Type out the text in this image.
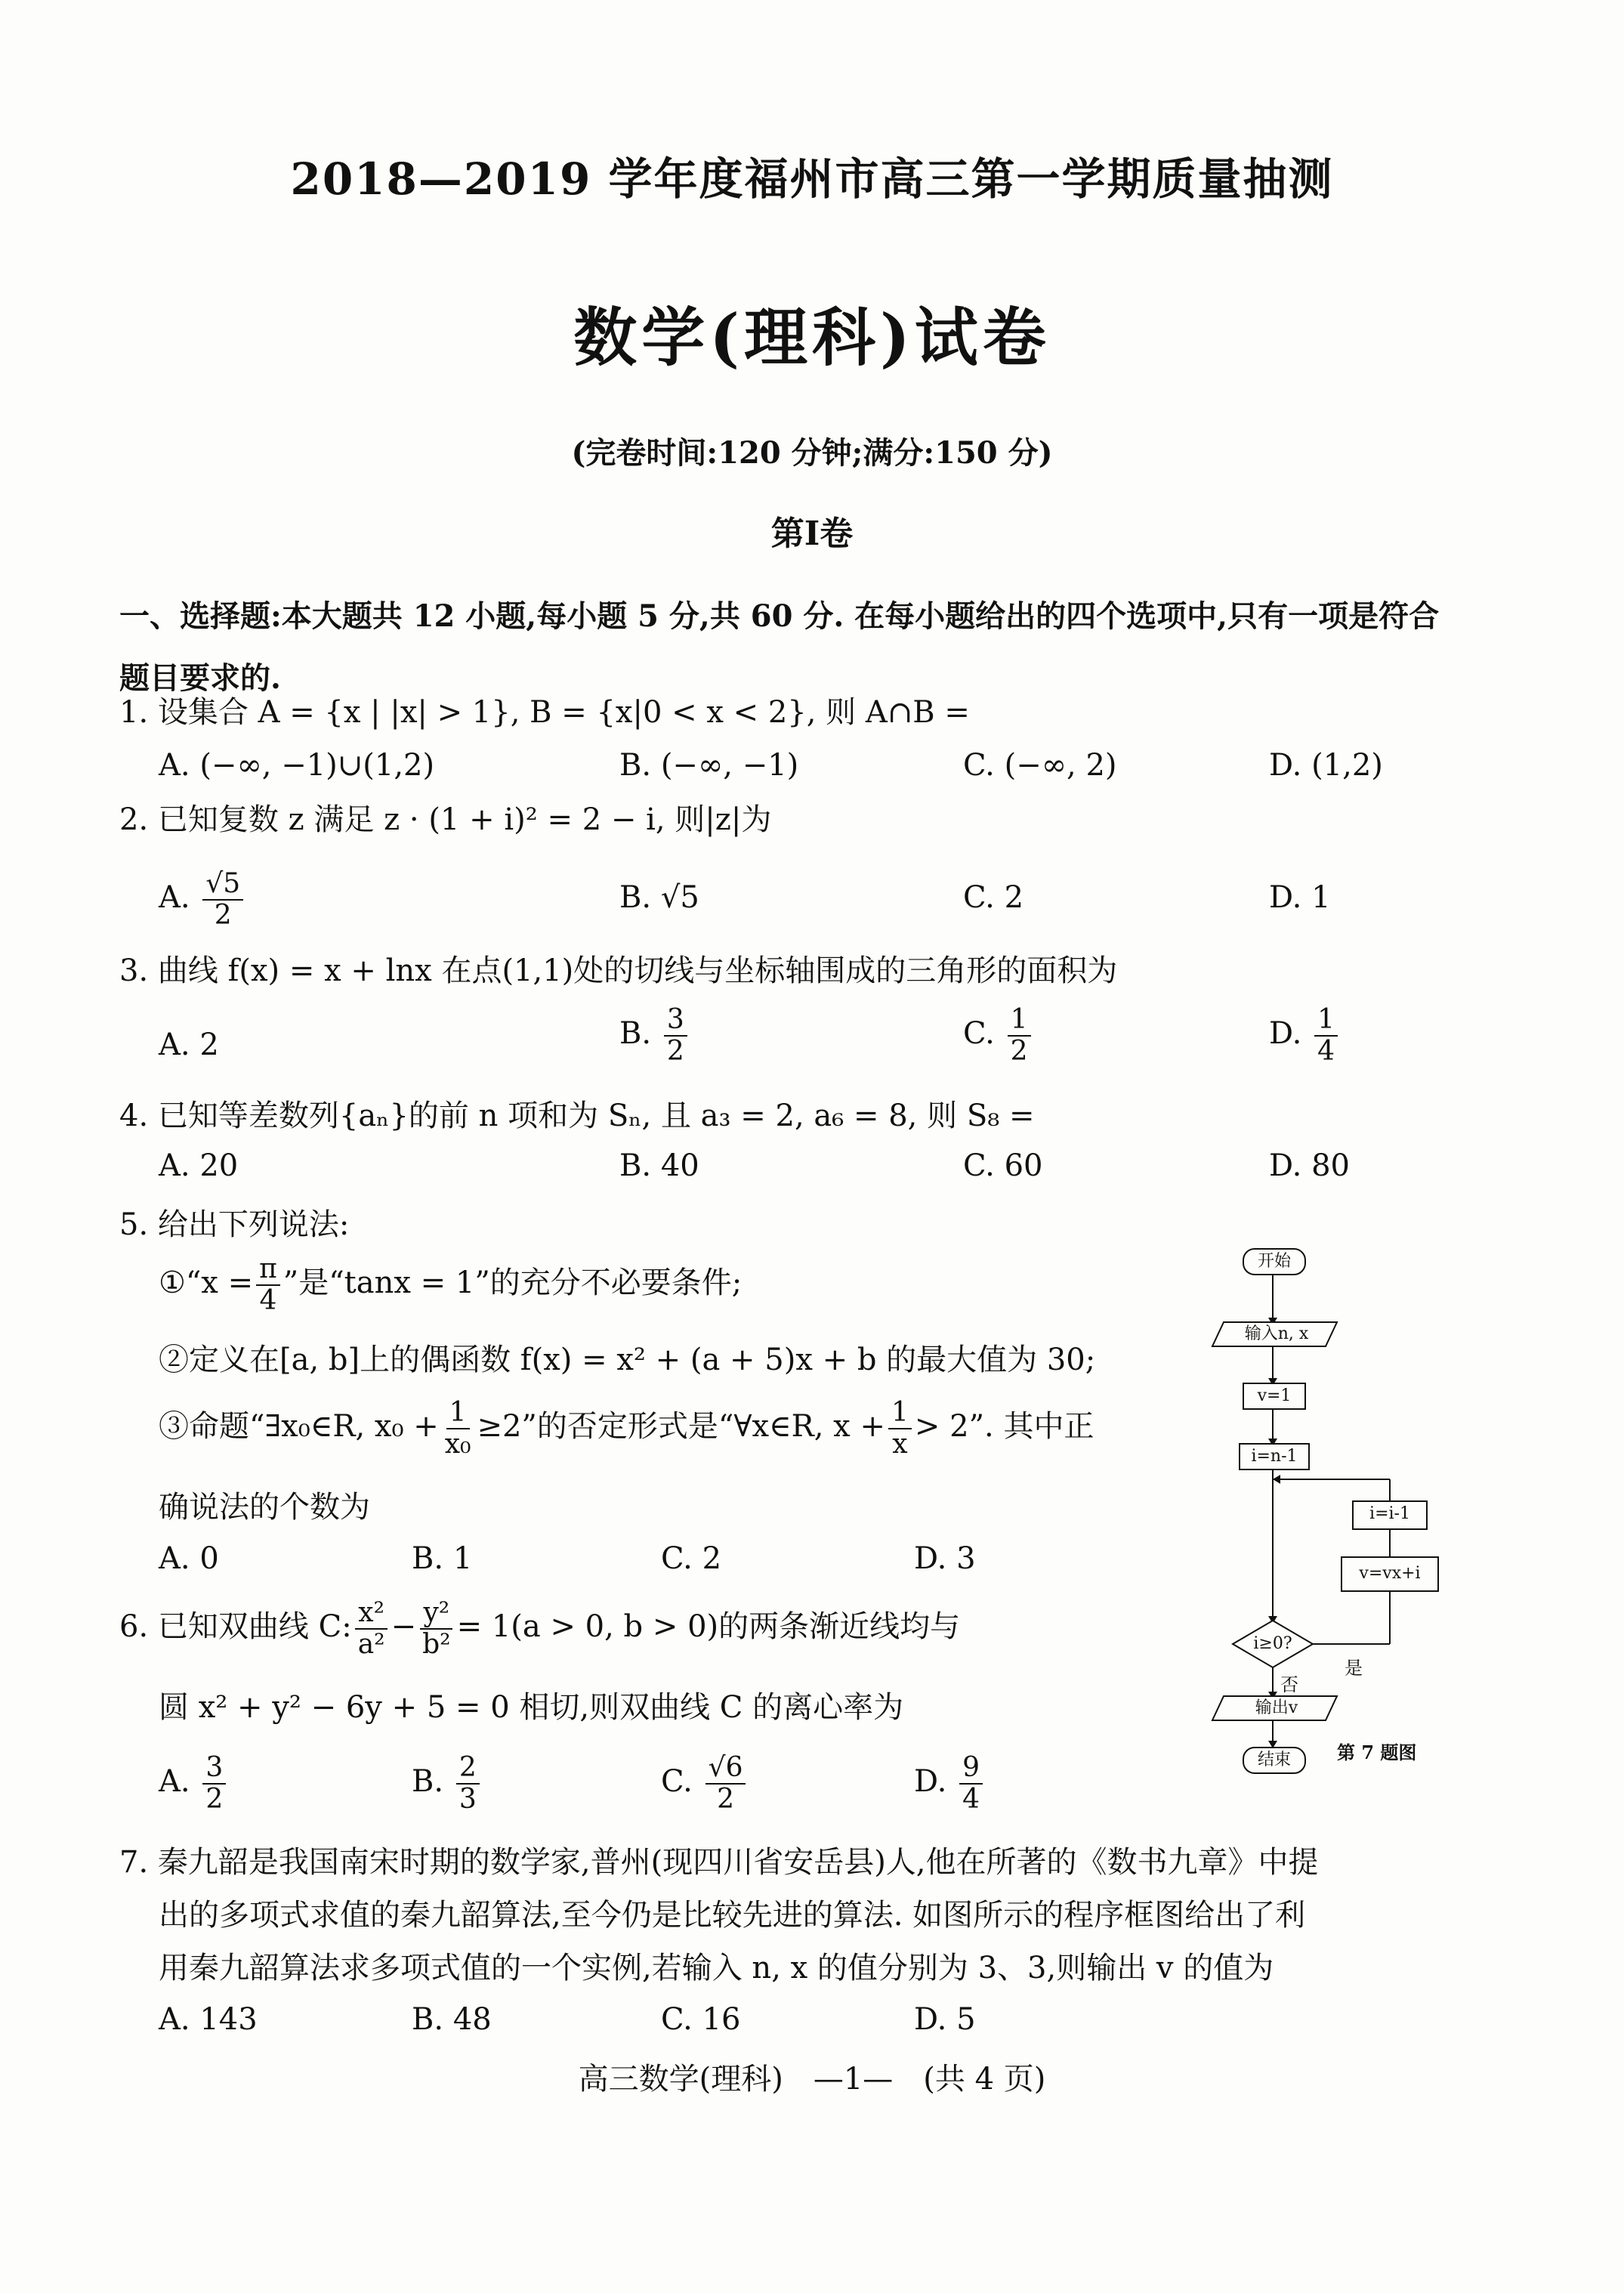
2018—2019 学年度福州市高三第一学期质量抽测
数学(理科)试卷
(完卷时间:120 分钟;满分:150 分)
第Ⅰ卷
一、选择题:本大题共 12 小题,每小题 5 分,共 60 分. 在每小题给出的四个选项中,只有一项是符合题目要求的.
1. 设集合 A = {x | |x| > 1}, B = {x|0 < x < 2}, 则 A∩B =
A. (−∞, −1)∪(1,2)	B. (−∞, −1)	C. (−∞, 2)	D. (1,2)
2. 已知复数 z 满足 z · (1 + i)² = 2 − i, 则|z|为
A. $\frac{√5}{2}$	B. √5	C. 2	D. 1
3. 曲线 f(x) = x + lnx 在点(1,1)处的切线与坐标轴围成的三角形的面积为
A. 2	B. $\frac{3}{2}$	C. $\frac{1}{2}$	D. $\frac{1}{4}$
4. 已知等差数列{aₙ}的前 n 项和为 Sₙ, 且 a₃ = 2, a₆ = 8, 则 S₈ =
A. 20	B. 40	C. 60	D. 80
5. 给出下列说法:
①“x = $\frac{\pi}{4}$ ”是“tanx = 1”的充分不必要条件;
②定义在[a, b]上的偶函数 f(x) = x² + (a + 5)x + b 的最大值为 30;
③命题“∃x₀∈R, $x_0 + \frac{1}{\text{x₀}} \ge 2$”的否定形式是“∀x∈R, $x + \frac{1}{x} > 2$”. 其中正
确说法的个数为
A. 0	B. 1	C. 2	D. 3
6. 已知双曲线 C: $\frac{\text{x²}}{\text{a²}} - \frac{\text{y²}}{\text{b²}} = 1(a > 0$, b > 0)的两条渐近线均与
圆 x² + y² − 6y + 5 = 0 相切,则双曲线 C 的离心率为
A. $\frac{3}{2}$	B. $\frac{2}{3}$	C. $\frac{√6}{2}$	D. $\frac{9}{4}$
7. 秦九韶是我国南宋时期的数学家,普州(现四川省安岳县)人,他在所著的《数书九章》中提
出的多项式求值的秦九韶算法,至今仍是比较先进的算法. 如图所示的程序框图给出了利
用秦九韶算法求多项式值的一个实例,若输入 n, x 的值分别为 3、3,则输出 v 的值为
A. 143	B. 48	C. 16	D. 5
开始
输入n, x
v=1
i=n-1
i=i-1
v=vx+i
i≥0?
是
否
输出v
结束	第 7 题图
高三数学(理科)　—1—　(共 4 页)
